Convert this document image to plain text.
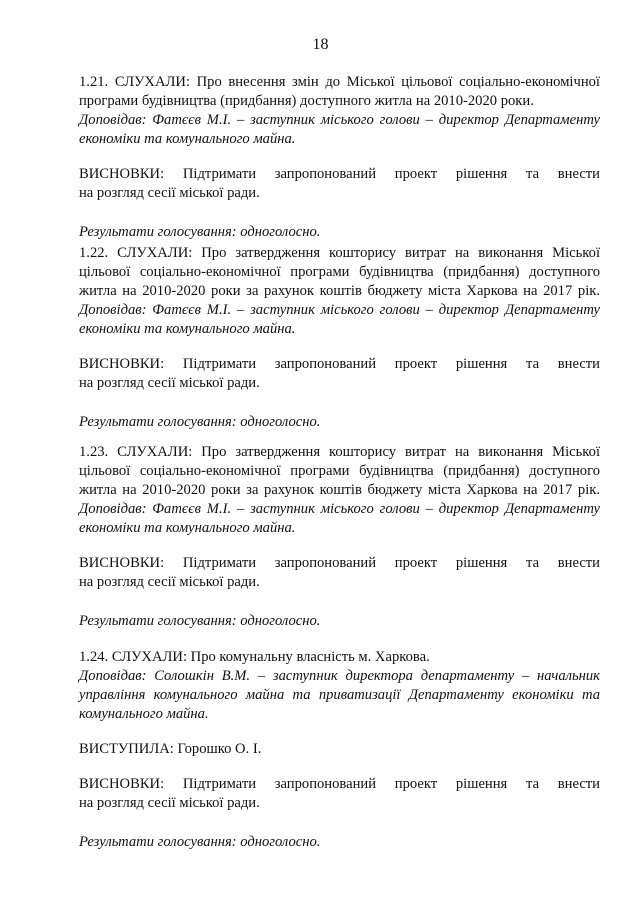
18
1.21. СЛУХАЛИ: Про внесення змін до Міської цільової соціально-економічної
програми будівництва (придбання) доступного житла на 2010-2020 роки.
Доповідав: Фатєєв М.І. – заступник міського голови – директор Департаменту
економіки та комунального майна.
ВИСНОВКИ: Підтримати запропонований проект рішення та внести
на розгляд сесії міської ради.
Результати голосування: одноголосно.
1.22. СЛУХАЛИ: Про затвердження кошторису витрат на виконання Міської
цільової соціально-економічної програми будівництва (придбання) доступного
житла на 2010-2020 роки за рахунок коштів бюджету міста Харкова на 2017 рік.
Доповідав: Фатєєв М.І. – заступник міського голови – директор Департаменту
економіки та комунального майна.
ВИСНОВКИ: Підтримати запропонований проект рішення та внести
на розгляд сесії міської ради.
Результати голосування: одноголосно.
1.23. СЛУХАЛИ: Про затвердження кошторису витрат на виконання Міської
цільової соціально-економічної програми будівництва (придбання) доступного
житла на 2010-2020 роки за рахунок коштів бюджету міста Харкова на 2017 рік.
Доповідав: Фатєєв М.І. – заступник міського голови – директор Департаменту
економіки та комунального майна.
ВИСНОВКИ: Підтримати запропонований проект рішення та внести
на розгляд сесії міської ради.
Результати голосування: одноголосно.
1.24. СЛУХАЛИ: Про комунальну власність м. Харкова.
Доповідав: Солошкін В.М. – заступник директора департаменту – начальник
управління комунального майна та приватизації Департаменту економіки та
комунального майна.
ВИСТУПИЛА: Горошко О. І.
ВИСНОВКИ: Підтримати запропонований проект рішення та внести
на розгляд сесії міської ради.
Результати голосування: одноголосно.
